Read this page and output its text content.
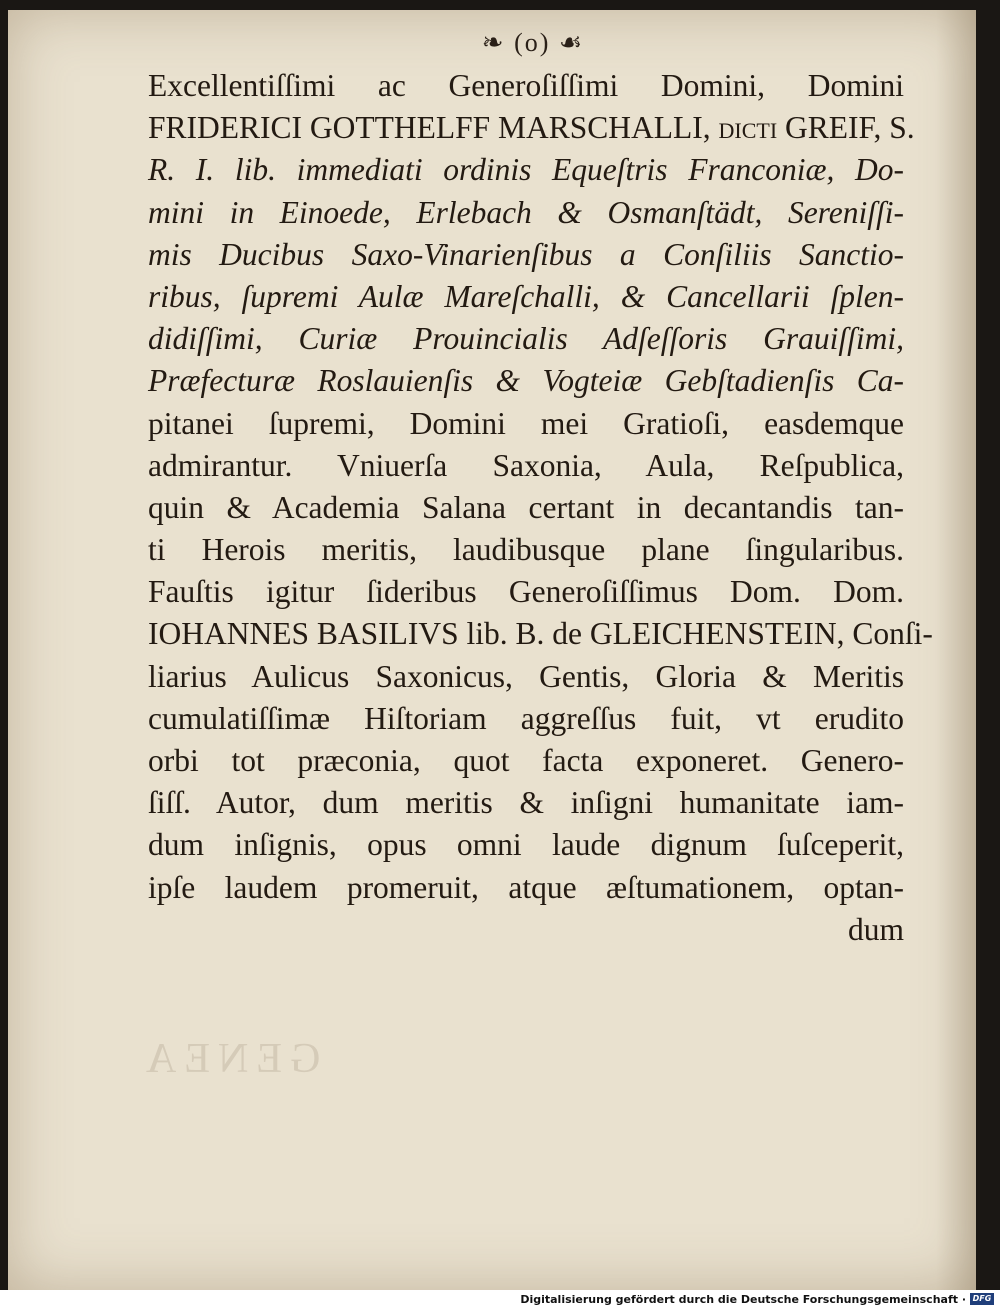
❧ (o) ☙
GENEA
Excellentiſſimi ac Generoſiſſimi Domini, Domini
FRIDERICI GOTTHELFF MARSCHALLI, dicti GREIF, S.
R. I. lib. immediati ordinis Equeſtris Franconiæ, Do-
mini in Einoede, Erlebach & Osmanſtädt, Sereniſſi-
mis Ducibus Saxo-Vinarienſibus a Conſiliis Sanctio-
ribus, ſupremi Aulæ Mareſchalli, & Cancellarii ſplen-
didiſſimi, Curiæ Prouincialis Adſeſſoris Grauiſſimi,
Præfecturæ Roslauienſis & Vogteiæ Gebſtadienſis Ca-
pitanei ſupremi, Domini mei Gratioſi, easdemque
admirantur. Vniuerſa Saxonia, Aula, Reſpublica,
quin & Academia Salana certant in decantandis tan-
ti Herois meritis, laudibusque plane ſingularibus.
Fauſtis igitur ſideribus Generoſiſſimus Dom. Dom.
IOHANNES BASILIVS lib. B. de GLEICHENSTEIN, Conſi-
liarius Aulicus Saxonicus, Gentis, Gloria & Meritis
cumulatiſſimæ Hiſtoriam aggreſſus fuit, vt erudito
orbi tot præconia, quot facta exponeret. Genero-
ſiſſ. Autor, dum meritis & inſigni humanitate iam-
dum inſignis, opus omni laude dignum ſuſceperit,
ipſe laudem promeruit, atque æſtumationem, optan-
dum
Digitalisierung gefördert durch die Deutsche Forschungsgemeinschaft · DFG
